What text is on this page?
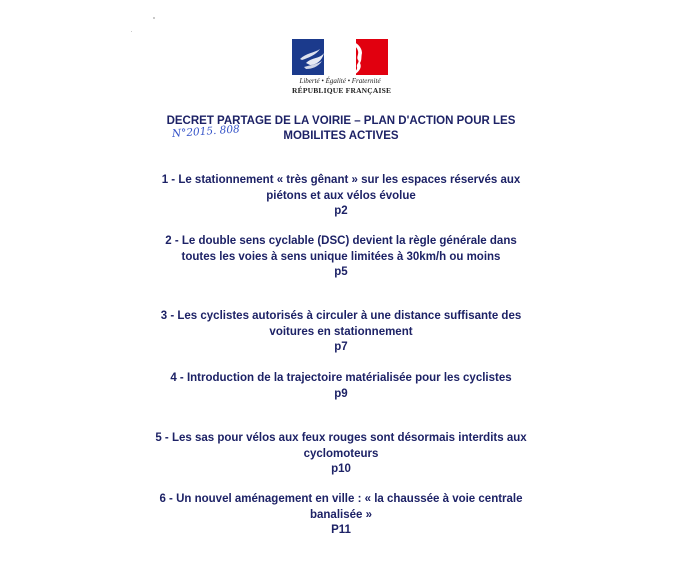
Liberté • Égalité • Fraternité
RÉPUBLIQUE FRANÇAISE
DECRET PARTAGE DE LA VOIRIE – PLAN D'ACTION POUR LES MOBILITES ACTIVES
N°2015. 808
1 - Le stationnement « très gênant » sur les espaces réservés aux piétons et aux vélos évolue
p2
2 - Le double sens cyclable (DSC) devient la règle générale dans toutes les voies à sens unique limitées à 30km/h ou moins
p5
3 - Les cyclistes autorisés à circuler à une distance suffisante des voitures en stationnement
p7
4 - Introduction de la trajectoire matérialisée pour les cyclistes
p9
5 - Les sas pour vélos aux feux rouges sont désormais interdits aux cyclomoteurs
p10
6 - Un nouvel aménagement en ville : « la chaussée à voie centrale banalisée »
P11
